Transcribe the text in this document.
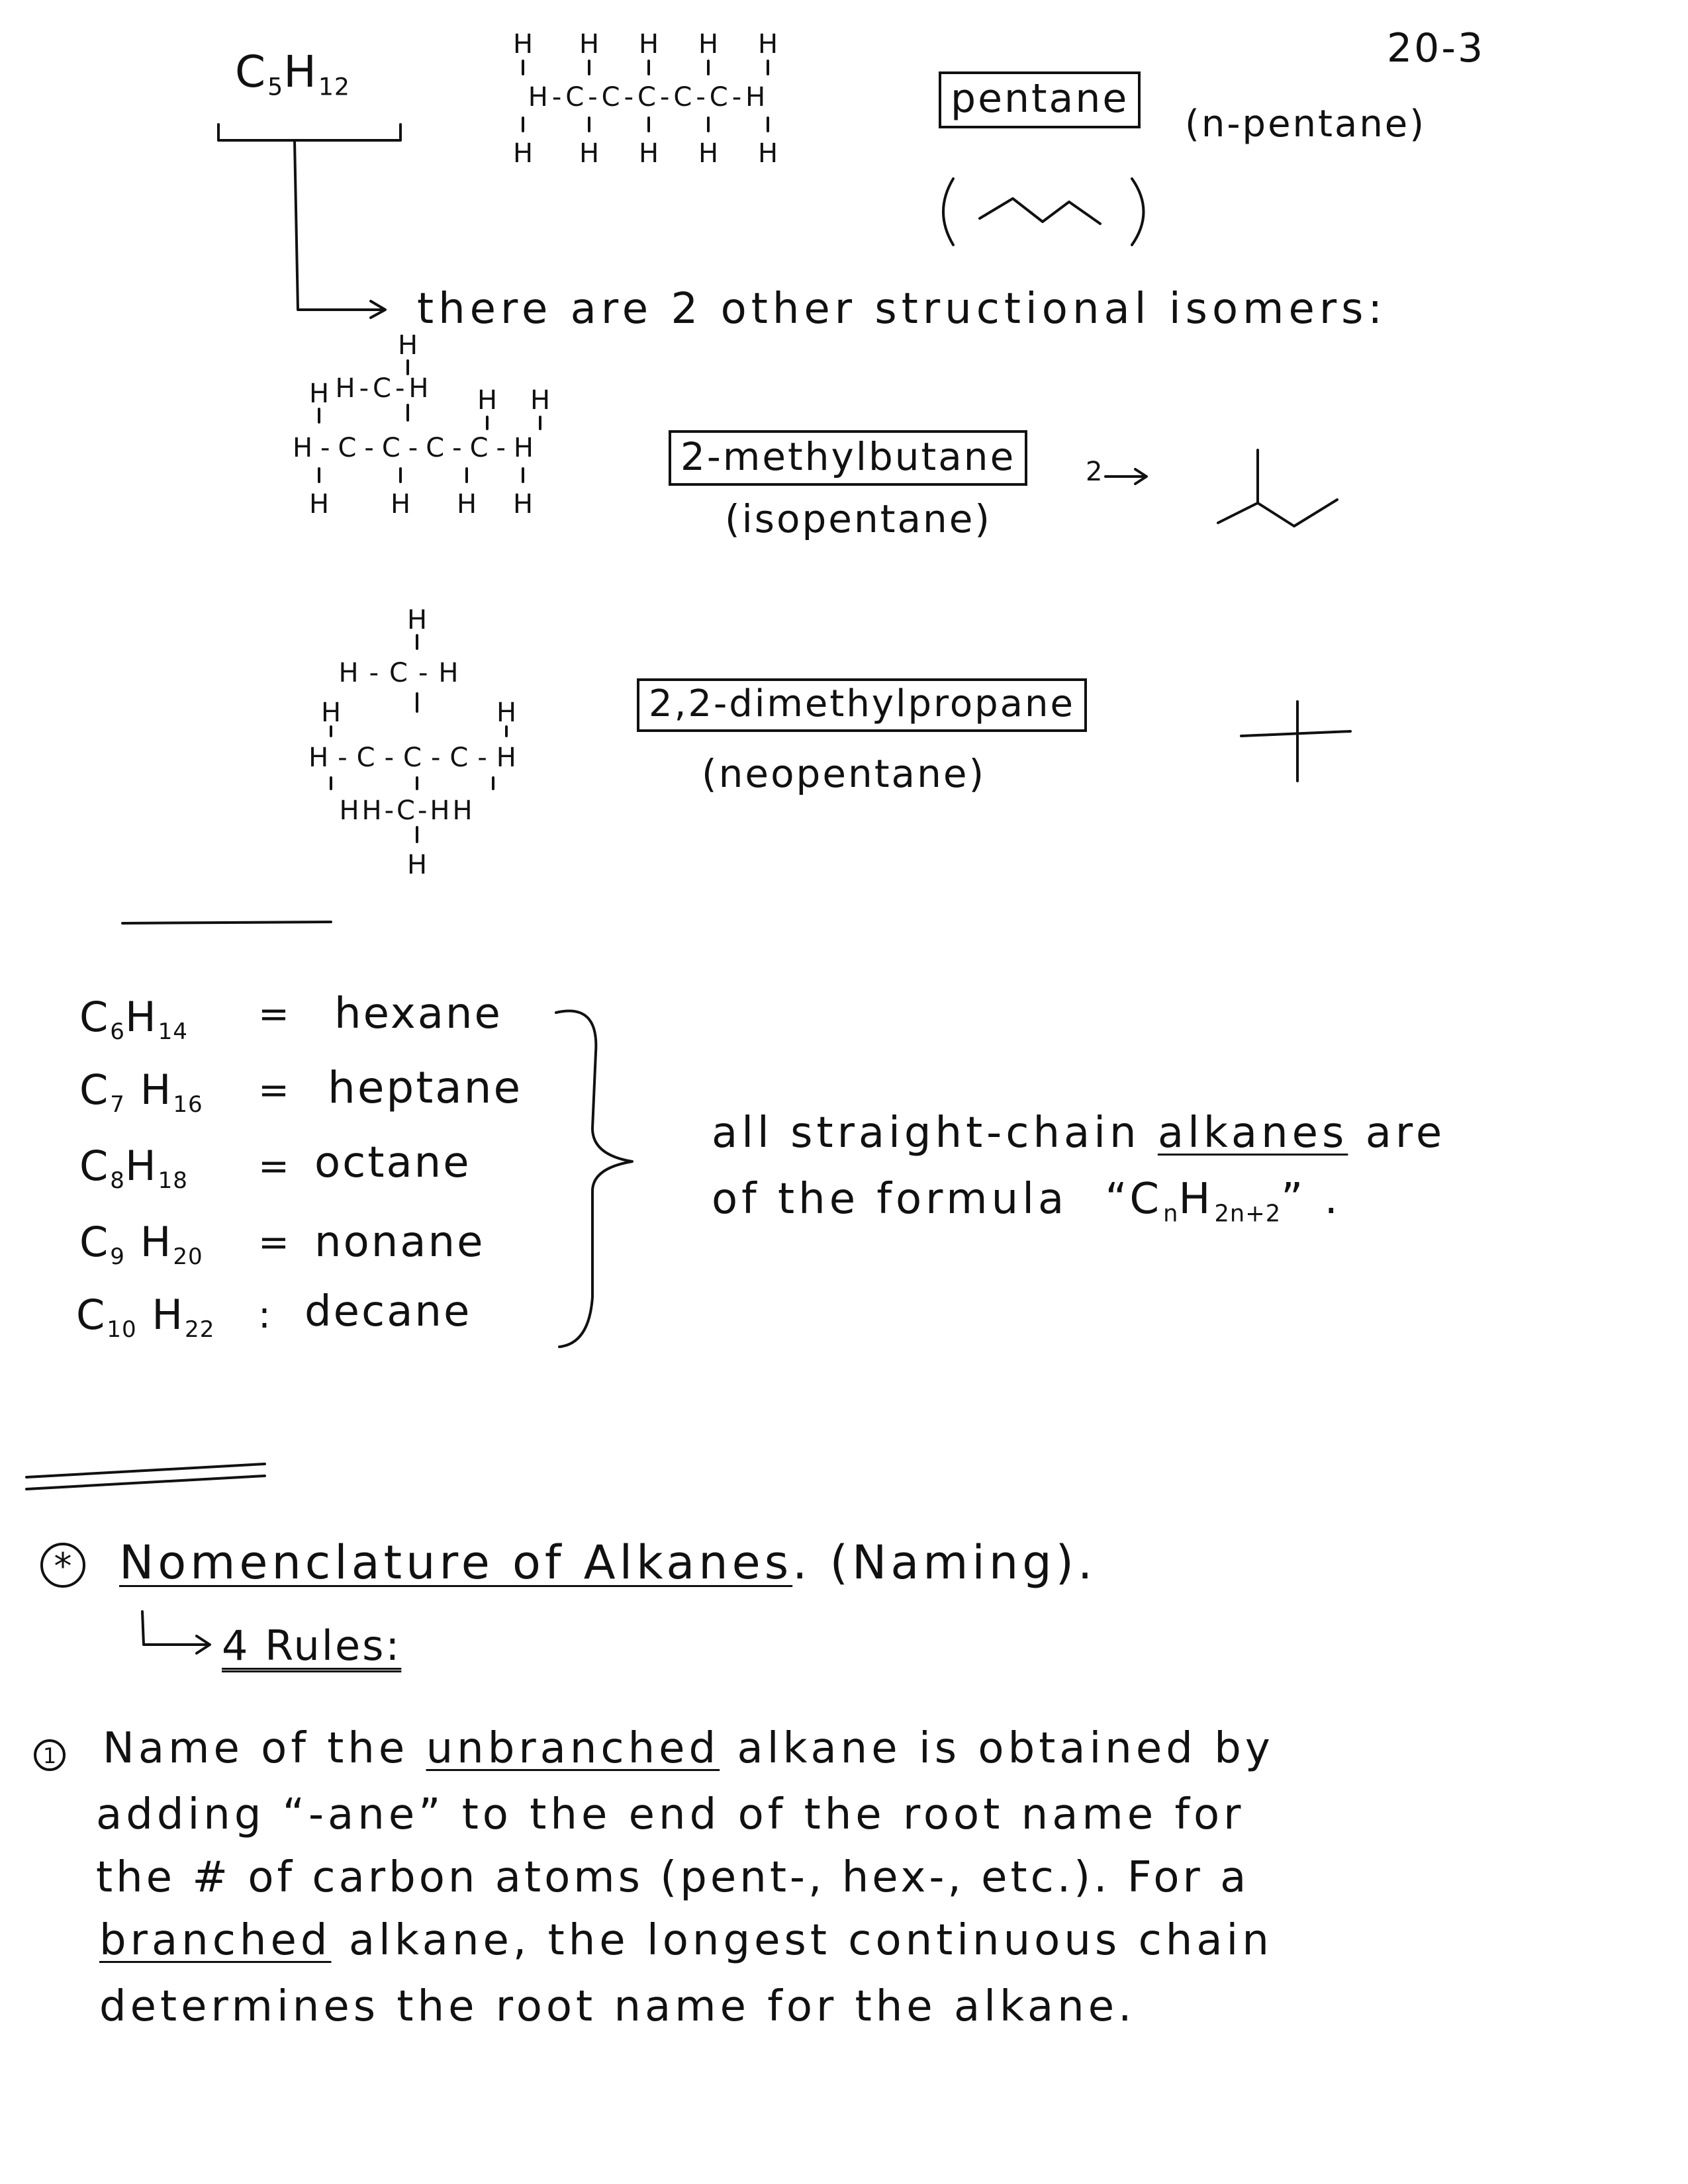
20-3
$C_5H_{12}$
H H H H H
H-C-C-C-C-C-H
H H H H H
pentane
(n-pentane)
there are 2 other structional isomers:
H
H-C-H
H	H H
H-C-C-C-C-H
H H H H
2-methylbutane
(isopentane)
2
H
H-C-H
H	H
H-C-C-C-H
HH-C-HH
H
2,2-dimethylpropane
(neopentane)
$C_6H_{14}$ = hexane
$C_7$ $H_{16} = heptane$
$C_8H_{18} = octane$
$C_9$ $H_{20}$ = nonane
$C_{10}$ $H_{22}$ : decane
all straight-chain alkanes are
of the formula “$C_nH_{2n+2}$” .
* Nomenclature of Alkanes. (Naming).
4 Rules:
1 Name of the unbranched alkane is obtained by
adding “-ane” to the end of the root name for
the # of carbon atoms (pent-, hex-, etc.). For a
branched alkane, the longest continuous chain
determines the root name for the alkane.
